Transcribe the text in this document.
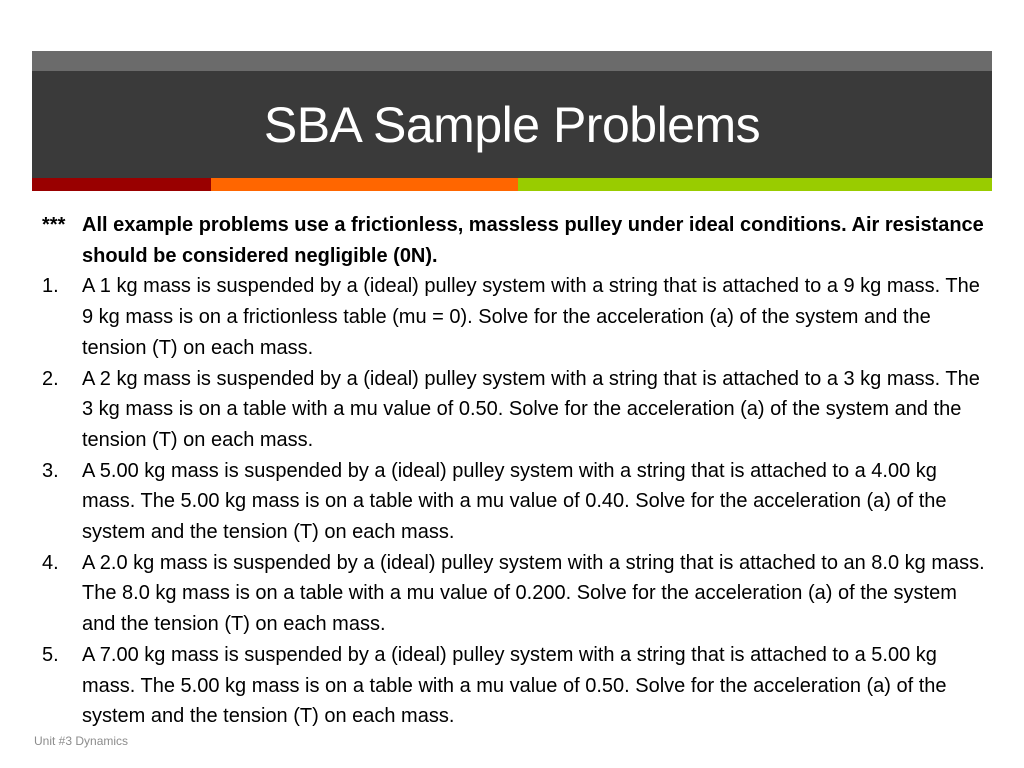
SBA Sample Problems
*** All example problems use a frictionless, massless pulley under ideal conditions. Air resistance should be considered negligible (0N).
1.	A 1 kg mass is suspended by a (ideal) pulley system with a string that is attached to a 9 kg mass. The 9 kg mass is on a frictionless table (mu = 0). Solve for the acceleration (a) of the system and the tension (T) on each mass.
2.	A 2 kg mass is suspended by a (ideal) pulley system with a string that is attached to a 3 kg mass. The 3 kg mass is on a table with a mu value of 0.50. Solve for the acceleration (a) of the system and the tension (T) on each mass.
3.	A 5.00 kg mass is suspended by a (ideal) pulley system with a string that is attached to a 4.00 kg mass. The 5.00 kg mass is on a table with a mu value of 0.40. Solve for the acceleration (a) of the system and the tension (T) on each mass.
4.	A 2.0 kg mass is suspended by a (ideal) pulley system with a string that is attached to an 8.0 kg mass. The 8.0 kg mass is on a table with a mu value of 0.200. Solve for the acceleration (a) of the system and the tension (T) on each mass.
5.	A 7.00 kg mass is suspended by a (ideal) pulley system with a string that is attached to a 5.00 kg mass. The 5.00 kg mass is on a table with a mu value of 0.50. Solve for the acceleration (a) of the system and the tension (T) on each mass.
Unit #3 Dynamics
